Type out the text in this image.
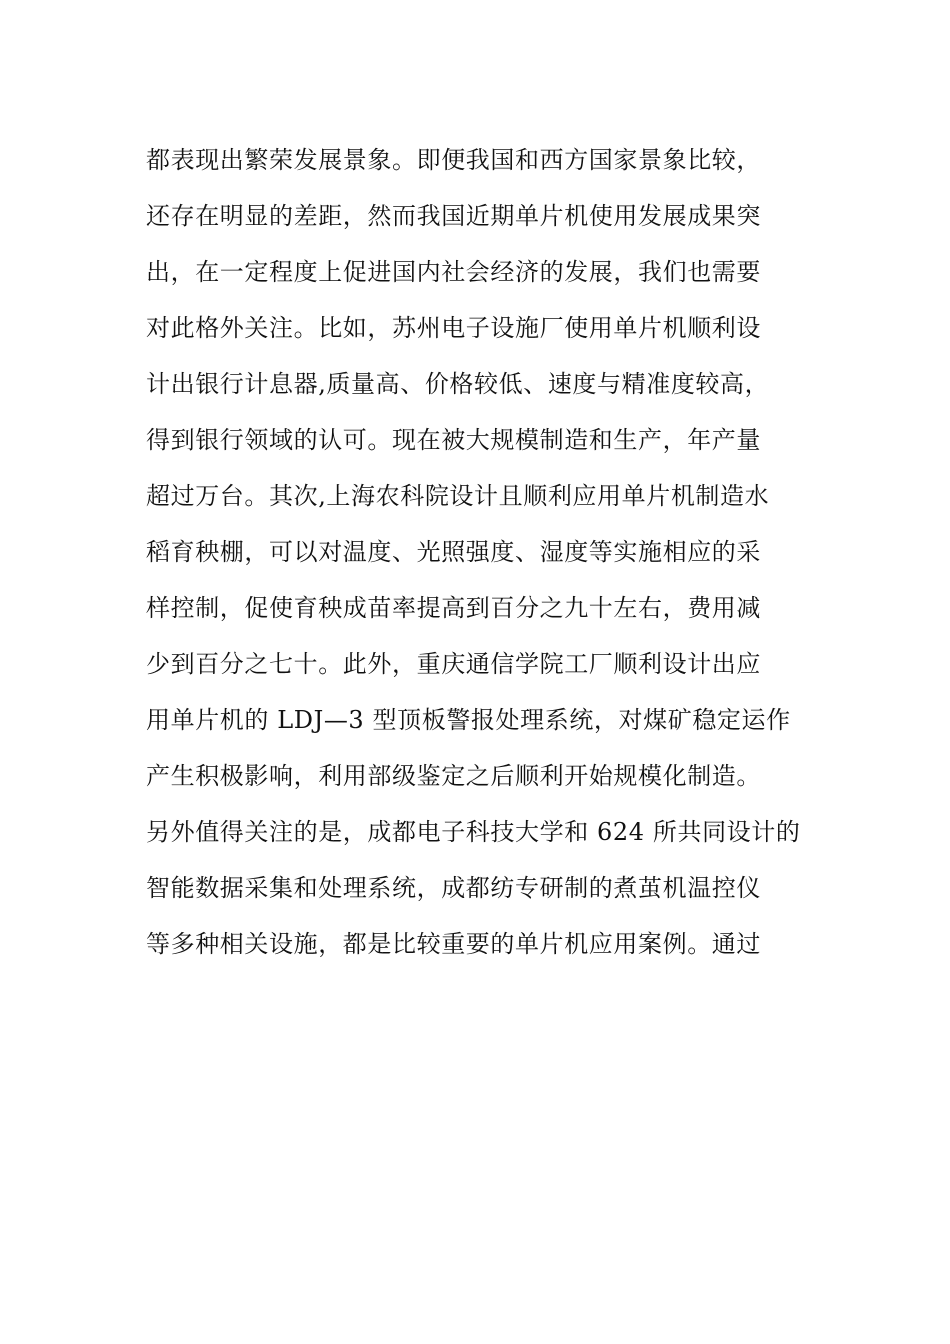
都表现出繁荣发展景象。即便我国和西方国家景象比较，
还存在明显的差距，然而我国近期单片机使用发展成果突
出，在一定程度上促进国内社会经济的发展，我们也需要
对此格外关注。比如，苏州电子设施厂使用单片机顺利设
计出银行计息器,质量高、价格较低、速度与精准度较高，
得到银行领域的认可。现在被大规模制造和生产，年产量
超过万台。其次,上海农科院设计且顺利应用单片机制造水
稻育秧棚，可以对温度、光照强度、湿度等实施相应的采
样控制，促使育秧成苗率提高到百分之九十左右，费用减
少到百分之七十。此外，重庆通信学院工厂顺利设计出应
用单片机的 LDJ—3 型顶板警报处理系统，对煤矿稳定运作
产生积极影响，利用部级鉴定之后顺利开始规模化制造。
另外值得关注的是，成都电子科技大学和 624 所共同设计的
智能数据采集和处理系统，成都纺专研制的煮茧机温控仪
等多种相关设施，都是比较重要的单片机应用案例。通过
